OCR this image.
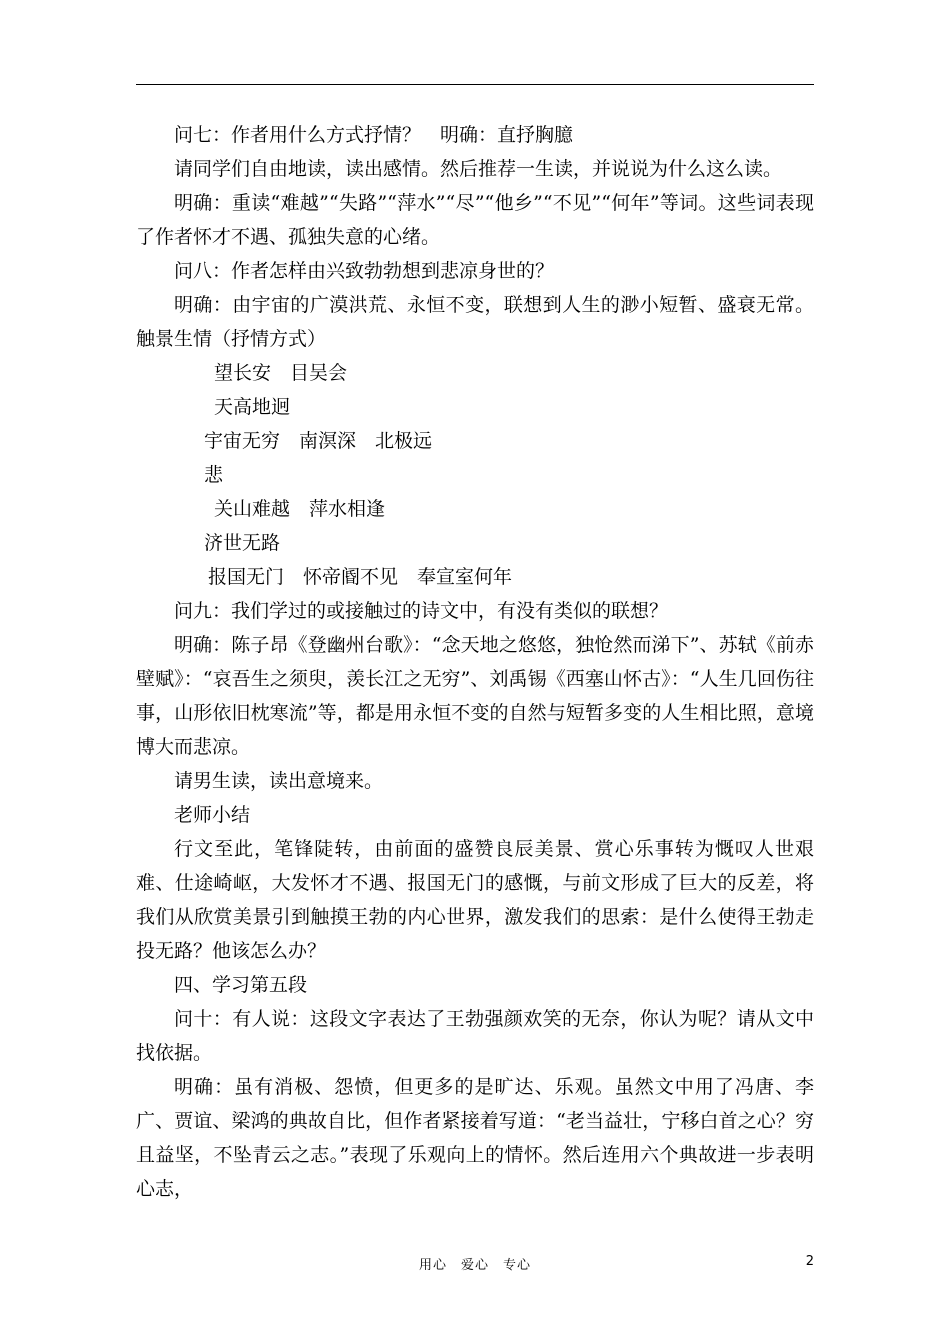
问七：作者用什么方式抒情？　明确：直抒胸臆

请同学们自由地读，读出感情。然后推荐一生读，并说说为什么这么读。

明确：重读“难越”“失路”“萍水”“尽”“他乡”“不见”“何年”等词。这些词表现了作者怀才不遇、孤独失意的心绪。

问八：作者怎样由兴致勃勃想到悲凉身世的？

明确：由宇宙的广漠洪荒、永恒不变，联想到人生的渺小短暂、盛衰无常。触景生情（抒情方式）

望长安　目吴会

天高地迥

宇宙无穷　南溟深　北极远

悲

关山难越　萍水相逢

济世无路

报国无门　怀帝阍不见　奉宣室何年

问九：我们学过的或接触过的诗文中，有没有类似的联想？

明确：陈子昂《登幽州台歌》：“念天地之悠悠，独怆然而涕下”、苏轼《前赤壁赋》：“哀吾生之须臾，羡长江之无穷”、刘禹锡《西塞山怀古》：“人生几回伤往事，山形依旧枕寒流”等，都是用永恒不变的自然与短暂多变的人生相比照，意境博大而悲凉。

请男生读，读出意境来。

老师小结

行文至此，笔锋陡转，由前面的盛赞良辰美景、赏心乐事转为慨叹人世艰难、仕途崎岖，大发怀才不遇、报国无门的感慨，与前文形成了巨大的反差，将我们从欣赏美景引到触摸王勃的内心世界，激发我们的思索：是什么使得王勃走投无路？他该怎么办？

四、学习第五段

问十：有人说：这段文字表达了王勃强颜欢笑的无奈，你认为呢？请从文中找依据。

明确：虽有消极、怨愤，但更多的是旷达、乐观。虽然文中用了冯唐、李广、贾谊、梁鸿的典故自比，但作者紧接着写道：“老当益壮，宁移白首之心？穷且益坚，不坠青云之志。”表现了乐观向上的情怀。然后连用六个典故进一步表明心志，

用心　爱心　专心	2
